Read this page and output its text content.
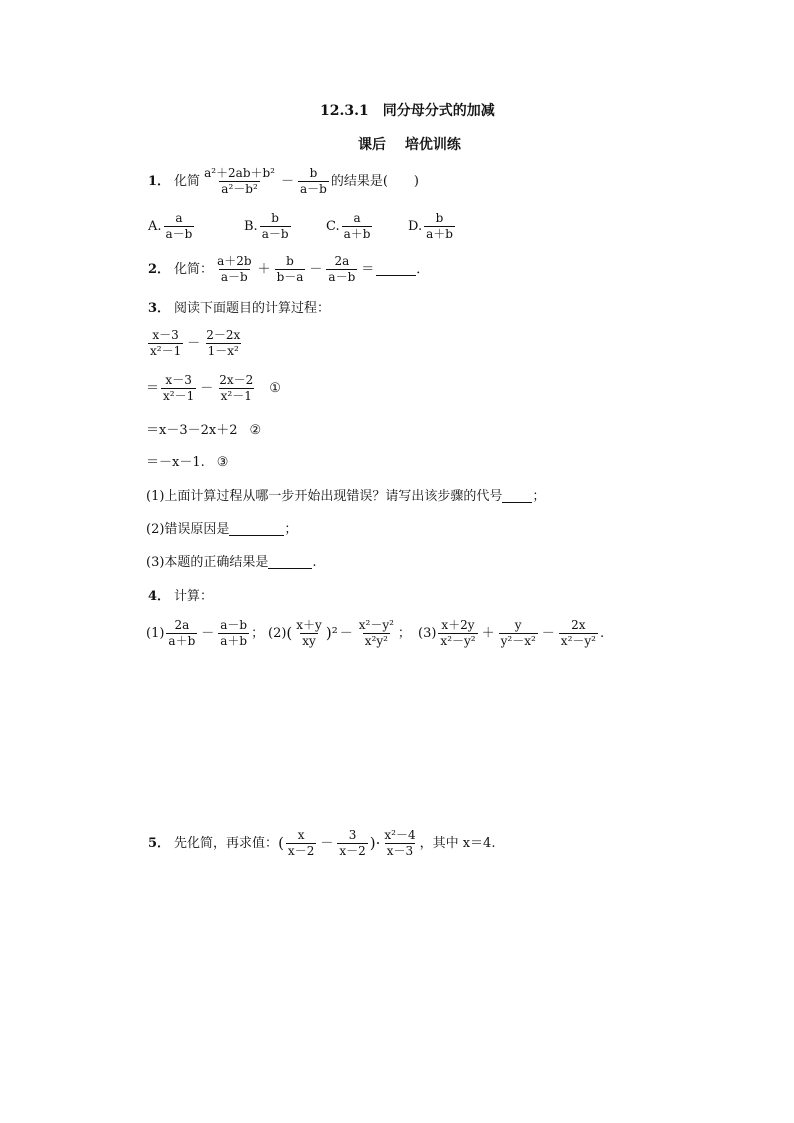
12.3.1　同分母分式的加减
课后　 培优训练
1． 化简 $\frac{\text{a²＋2ab＋b²}}{\text{a²－b²}} - \frac{b}{a-b}$ 的结果是(　　)
A. $\frac{a}{a-b}$	B. $\frac{b}{a-b}$	C. $\frac{a}{a+b}$	D. $\frac{b}{a+b}$
2． 化简： $\frac{a+2b}{a-b} + \frac{b}{b-a} - \frac{2a}{a-b}$ ＝	．
3． 阅读下面题目的计算过程：
$\frac{x-3}{\text{x²－1}} - \frac{2-2x}{\text{1－x²}}$
＝ $\frac{x-3}{\text{x²－1}} - \frac{2x-2}{\text{x²－1}}$ ①
＝x－3－2x＋2 ②
＝－x－1. ③
(1)上面计算过程从哪一步开始出现错误？请写出该步骤的代号 ；
(2)错误原因是	；
(3)本题的正确结果是	.
4． 计算：
$(1) \frac{2a}{a+b} - \frac{a-b}{a+b}$ ； (2) ( $\frac{x+y}{xy} )^2 - \frac{\text{x²－y²}}{\text{x²y²}}$ ； $(3) \frac{x+2y}{\text{x²－y²}} + \frac{y}{\text{y²－x²}} - \frac{2x}{\text{x²－y²}}$ .
5． 先化简，再求值： ( $\frac{x}{x-2} - \frac{3}{x-2}$ )· $\frac{\text{x²－4}}{x-3}$ ，其中 x＝4.
